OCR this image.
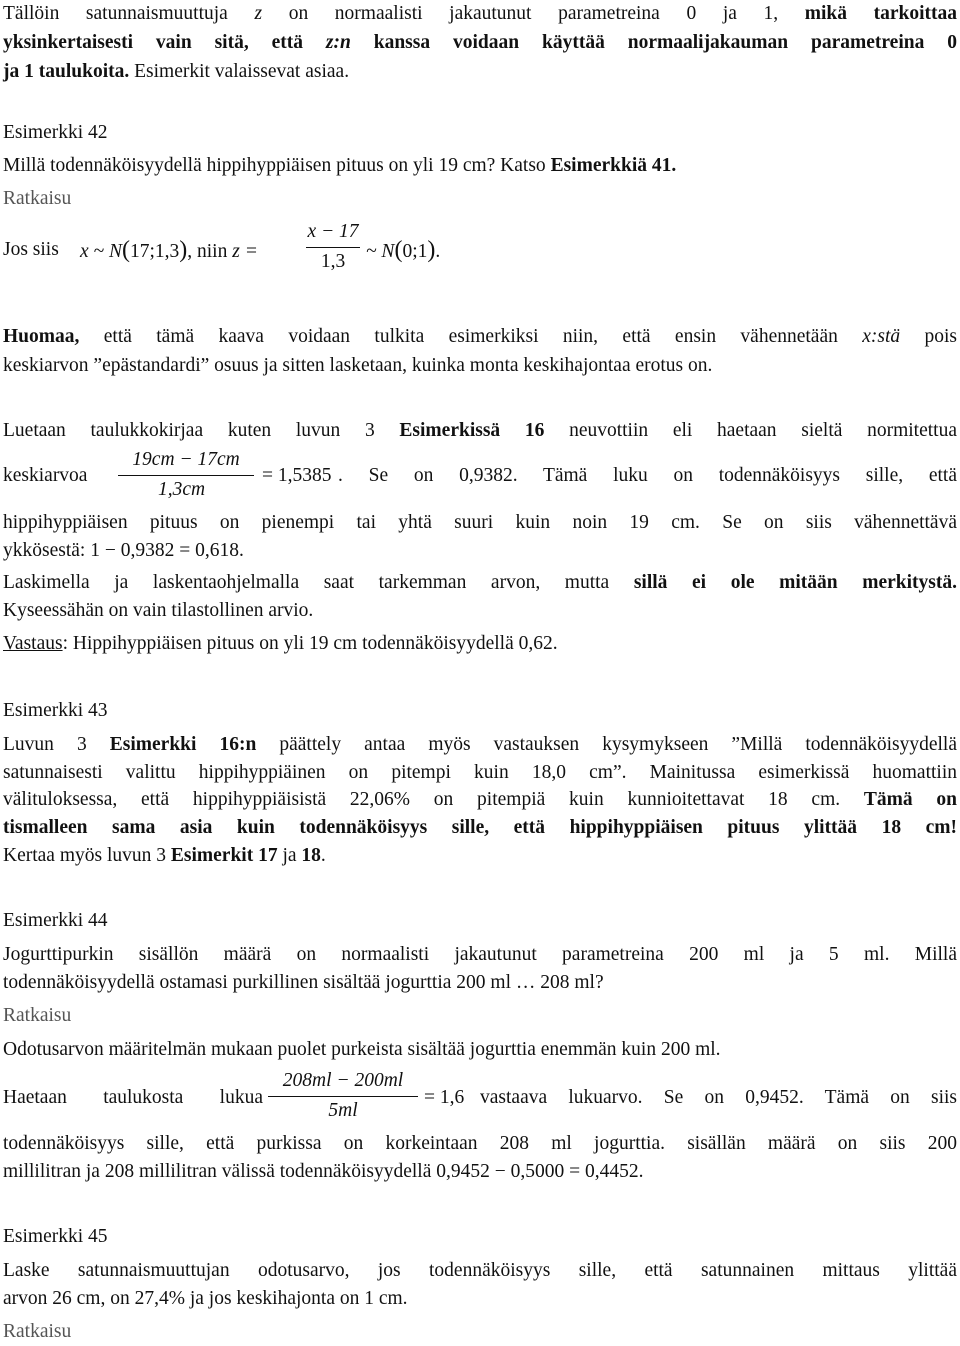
Tällöin satunnaismuuttuja z on normaalisti jakautunut parametreina 0 ja 1, mikä tarkoittaa
yksinkertaisesti vain sitä, että z:n kanssa voidaan käyttää normaalijakauman parametreina 0
ja 1 taulukoita. Esimerkit valaissevat asiaa.
Esimerkki 42
Millä todennäköisyydellä hippihyppiäisen pituus on yli 19 cm? Katso Esimerkkiä 41.
Ratkaisu
Jos siis x ~ N(17;1,3), niin z =
x − 17
1,3	~ N(0;1).
Huomaa, että tämä kaava voidaan tulkita esimerkiksi niin, että ensin vähennetään x:stä pois
keskiarvon ”epästandardi” osuus ja sitten lasketaan, kuinka monta keskihajontaa erotus on.
Luetaan taulukkokirjaa kuten luvun 3 Esimerkissä 16 neuvottiin eli haetaan sieltä normitettua
keskiarvoa
19cm − 17cm
1,3cm
= 1,5385 . Se on 0,9382. Tämä luku on todennäköisyys sille, että
hippihyppiäisen pituus on pienempi tai yhtä suuri kuin noin 19 cm. Se on siis vähennettävä
ykkösestä: 1 − 0,9382 = 0,618.
Laskimella ja laskentaohjelmalla saat tarkemman arvon, mutta sillä ei ole mitään merkitystä.
Kyseessähän on vain tilastollinen arvio.
Vastaus: Hippihyppiäisen pituus on yli 19 cm todennäköisyydellä 0,62.
Esimerkki 43
Luvun 3 Esimerkki 16:n päättely antaa myös vastauksen kysymykseen ”Millä todennäköisyydellä
satunnaisesti valittu hippihyppiäinen on pitempi kuin 18,0 cm”. Mainitussa esimerkissä huomattiin
välituloksessa, että hippihyppiäisistä 22,06% on pitempiä kuin kunnioitettavat 18 cm. Tämä on
tismalleen sama asia kuin todennäköisyys sille, että hippihyppiäisen pituus ylittää 18 cm!
Kertaa myös luvun 3 Esimerkit 17 ja 18.
Esimerkki 44
Jogurttipurkin sisällön määrä on normaalisti jakautunut parametreina 200 ml ja 5 ml. Millä
todennäköisyydellä ostamasi purkillinen sisältää jogurttia 200 ml … 208 ml?
Ratkaisu
Odotusarvon määritelmän mukaan puolet purkeista sisältää jogurttia enemmän kuin 200 ml.
Haetaan taulukosta lukua
208ml − 200ml
5ml
= 1,6 vastaava lukuarvo. Se on 0,9452. Tämä on siis
todennäköisyys sille, että purkissa on korkeintaan 208 ml jogurttia. sisällän määrä on siis 200
millilitran ja 208 millilitran välissä todennäköisyydellä 0,9452 − 0,5000 = 0,4452.
Esimerkki 45
Laske satunnaismuuttujan odotusarvo, jos todennäköisyys sille, että satunnainen mittaus ylittää
arvon 26 cm, on 27,4% ja jos keskihajonta on 1 cm.
Ratkaisu
